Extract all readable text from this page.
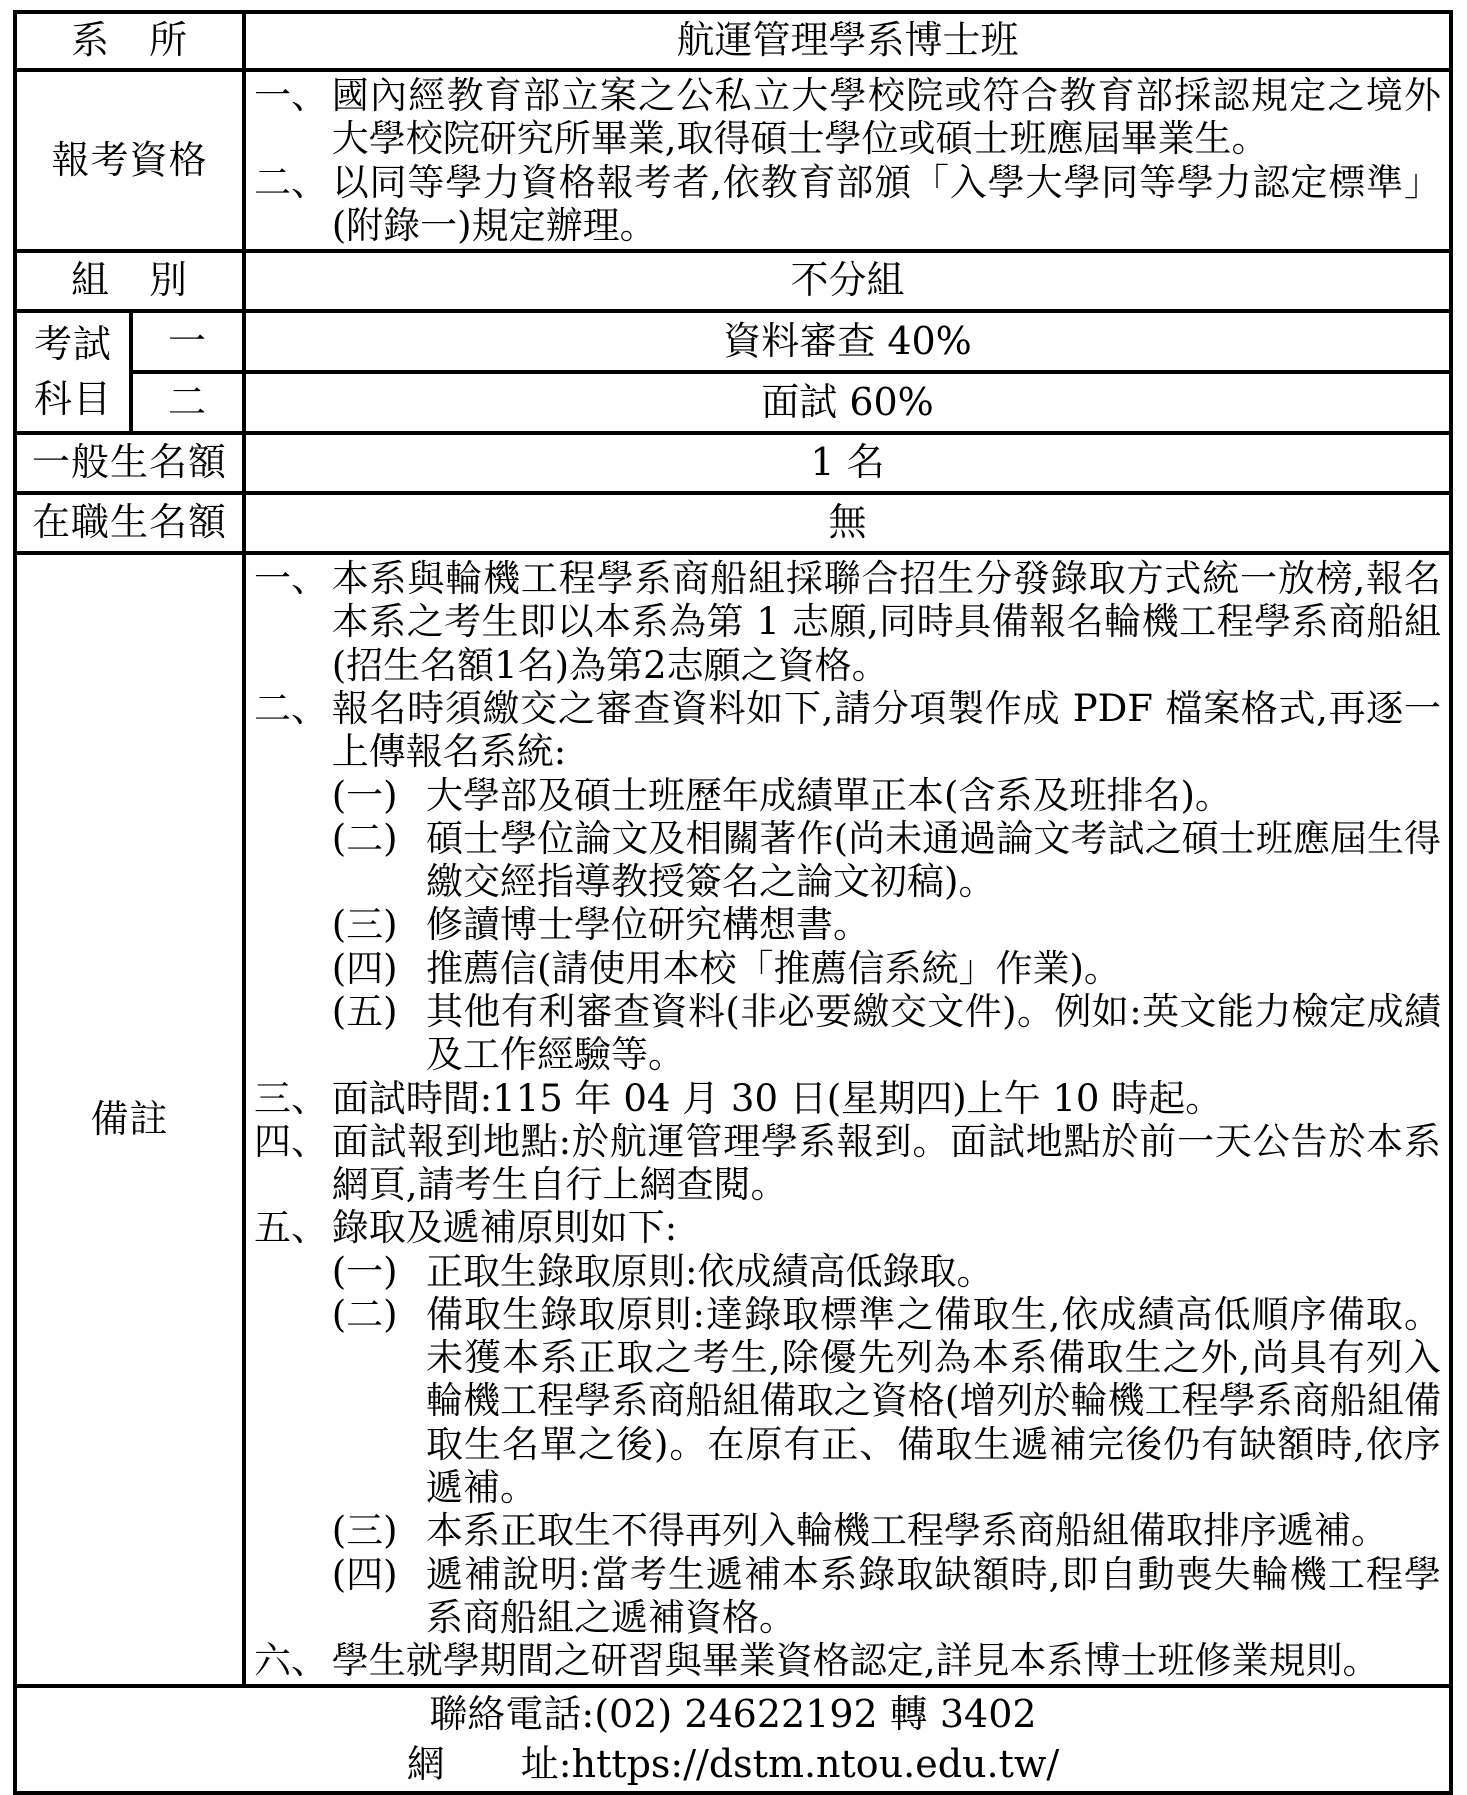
系　所		航運管理學系博士班
報考資格		一、 國內經教育部立案之公私立大學校院或符合教育部採認規定之境外大學校院研究所畢業,取得碩士學位或碩士班應屆畢業生。
二、 以同等學力資格報考者,依教育部頒「入學大學同等學力認定標準」(附錄一)規定辦理。

組　別		不分組

考試
科目	一	資料審查 40%
	二	面試 60%
一般生名額		1 名
在職生名額		無
備註	
一、 本系與輪機工程學系商船組採聯合招生分發錄取方式統一放榜,報名本系之考生即以本系為第 1 志願,同時具備報名輪機工程學系商船組(招生名額1名)為第2志願之資格。
二、 報名時須繳交之審查資料如下,請分項製作成 PDF 檔案格式,再逐一上傳報名系統:
(一) 大學部及碩士班歷年成績單正本(含系及班排名)。
(二) 碩士學位論文及相關著作(尚未通過論文考試之碩士班應屆生得繳交經指導教授簽名之論文初稿)。
(三) 修讀博士學位研究構想書。
(四) 推薦信(請使用本校「推薦信系統」作業)。
(五) 其他有利審查資料(非必要繳交文件)。例如:英文能力檢定成績及工作經驗等。
三、 面試時間:115 年 04 月 30 日(星期四)上午 10 時起。
四、 面試報到地點:於航運管理學系報到。面試地點於前一天公告於本系網頁,請考生自行上網查閱。
五、 錄取及遞補原則如下:
(一) 正取生錄取原則:依成績高低錄取。
(二) 備取生錄取原則:達錄取標準之備取生,依成績高低順序備取。未獲本系正取之考生,除優先列為本系備取生之外,尚具有列入輪機工程學系商船組備取之資格(增列於輪機工程學系商船組備取生名單之後)。在原有正、備取生遞補完後仍有缺額時,依序遞補。
(三) 本系正取生不得再列入輪機工程學系商船組備取排序遞補。
(四) 遞補說明:當考生遞補本系錄取缺額時,即自動喪失輪機工程學系商船組之遞補資格。
六、 學生就學期間之研習與畢業資格認定,詳見本系博士班修業規則。

聯絡電話:(02) 24622192 轉 3402
網　　址:https://dstm.ntou.edu.tw/		
